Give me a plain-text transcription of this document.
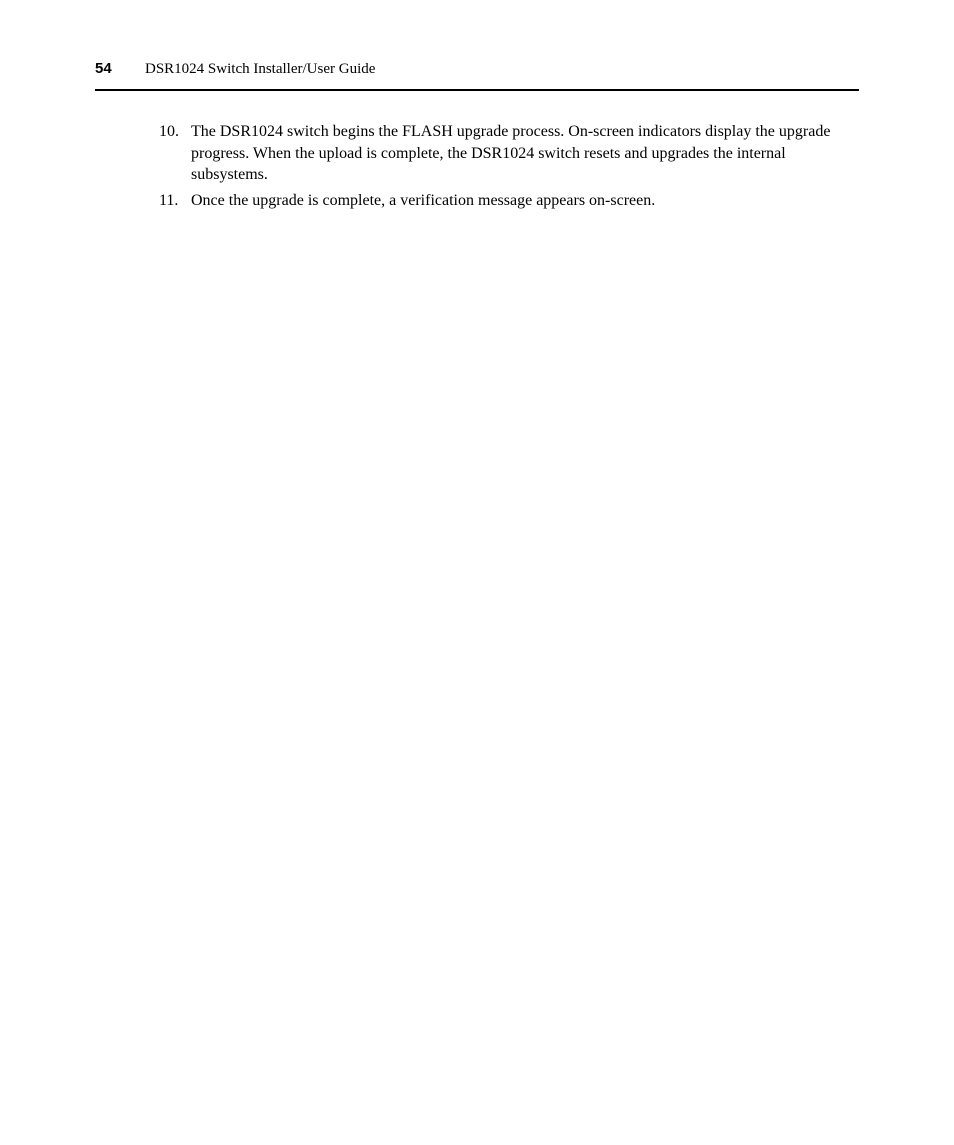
54 DSR1024 Switch Installer/User Guide
10. The DSR1024 switch begins the FLASH upgrade process. On-screen indicators display the upgrade progress. When the upload is complete, the DSR1024 switch resets and upgrades the internal subsystems.
11. Once the upgrade is complete, a verification message appears on-screen.
